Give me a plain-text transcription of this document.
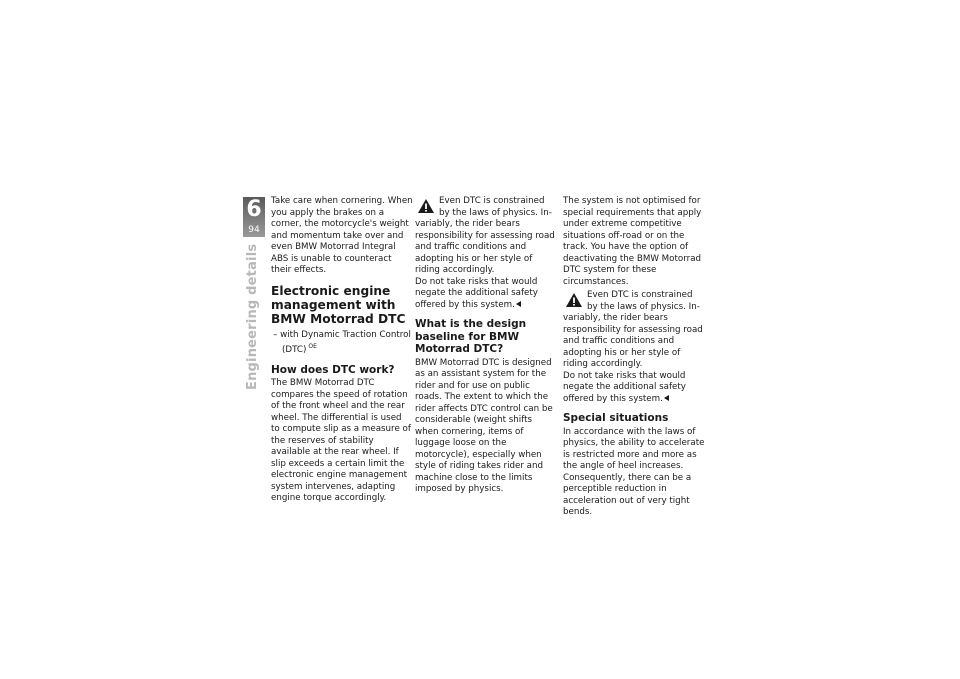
6
94
Engineering details

Take care when cornering. When you apply the brakes on a corner, the motorcycle's weight and momentum take over and even BMW Motorrad Integral ABS is unable to counteract their effects.

Electronic engine management with BMW Motorrad DTC

– with Dynamic Traction Control (DTC) $^{OE}$

How does DTC work?

The BMW Motorrad DTC compares the speed of rotation of the front wheel and the rear wheel. The differential is used to compute slip as a measure of the reserves of stability available at the rear wheel. If slip exceeds a certain limit the electronic engine management system intervenes, adapting engine torque accordingly.

Even DTC is constrained
by the laws of physics. In-

variably, the rider bears responsibility for assessing road and traffic conditions and adopting his or her style of riding accordingly.

Do not take risks that would negate the additional safety offered by this system.

What is the design baseline for BMW Motorrad DTC?

BMW Motorrad DTC is designed as an assistant system for the rider and for use on public roads. The extent to which the rider affects DTC control can be considerable (weight shifts when cornering, items of luggage loose on the motorcycle), especially when style of riding takes rider and machine close to the limits imposed by physics.

The system is not optimised for special requirements that apply under extreme competitive situations off-road or on the track. You have the option of deactivating the BMW Motorrad DTC system for these circumstances.

Even DTC is constrained
by the laws of physics. In-

variably, the rider bears responsibility for assessing road and traffic conditions and adopting his or her style of riding accordingly.

Do not take risks that would negate the additional safety offered by this system.

Special situations

In accordance with the laws of physics, the ability to accelerate is restricted more and more as the angle of heel increases. Consequently, there can be a perceptible reduction in acceleration out of very tight bends.
